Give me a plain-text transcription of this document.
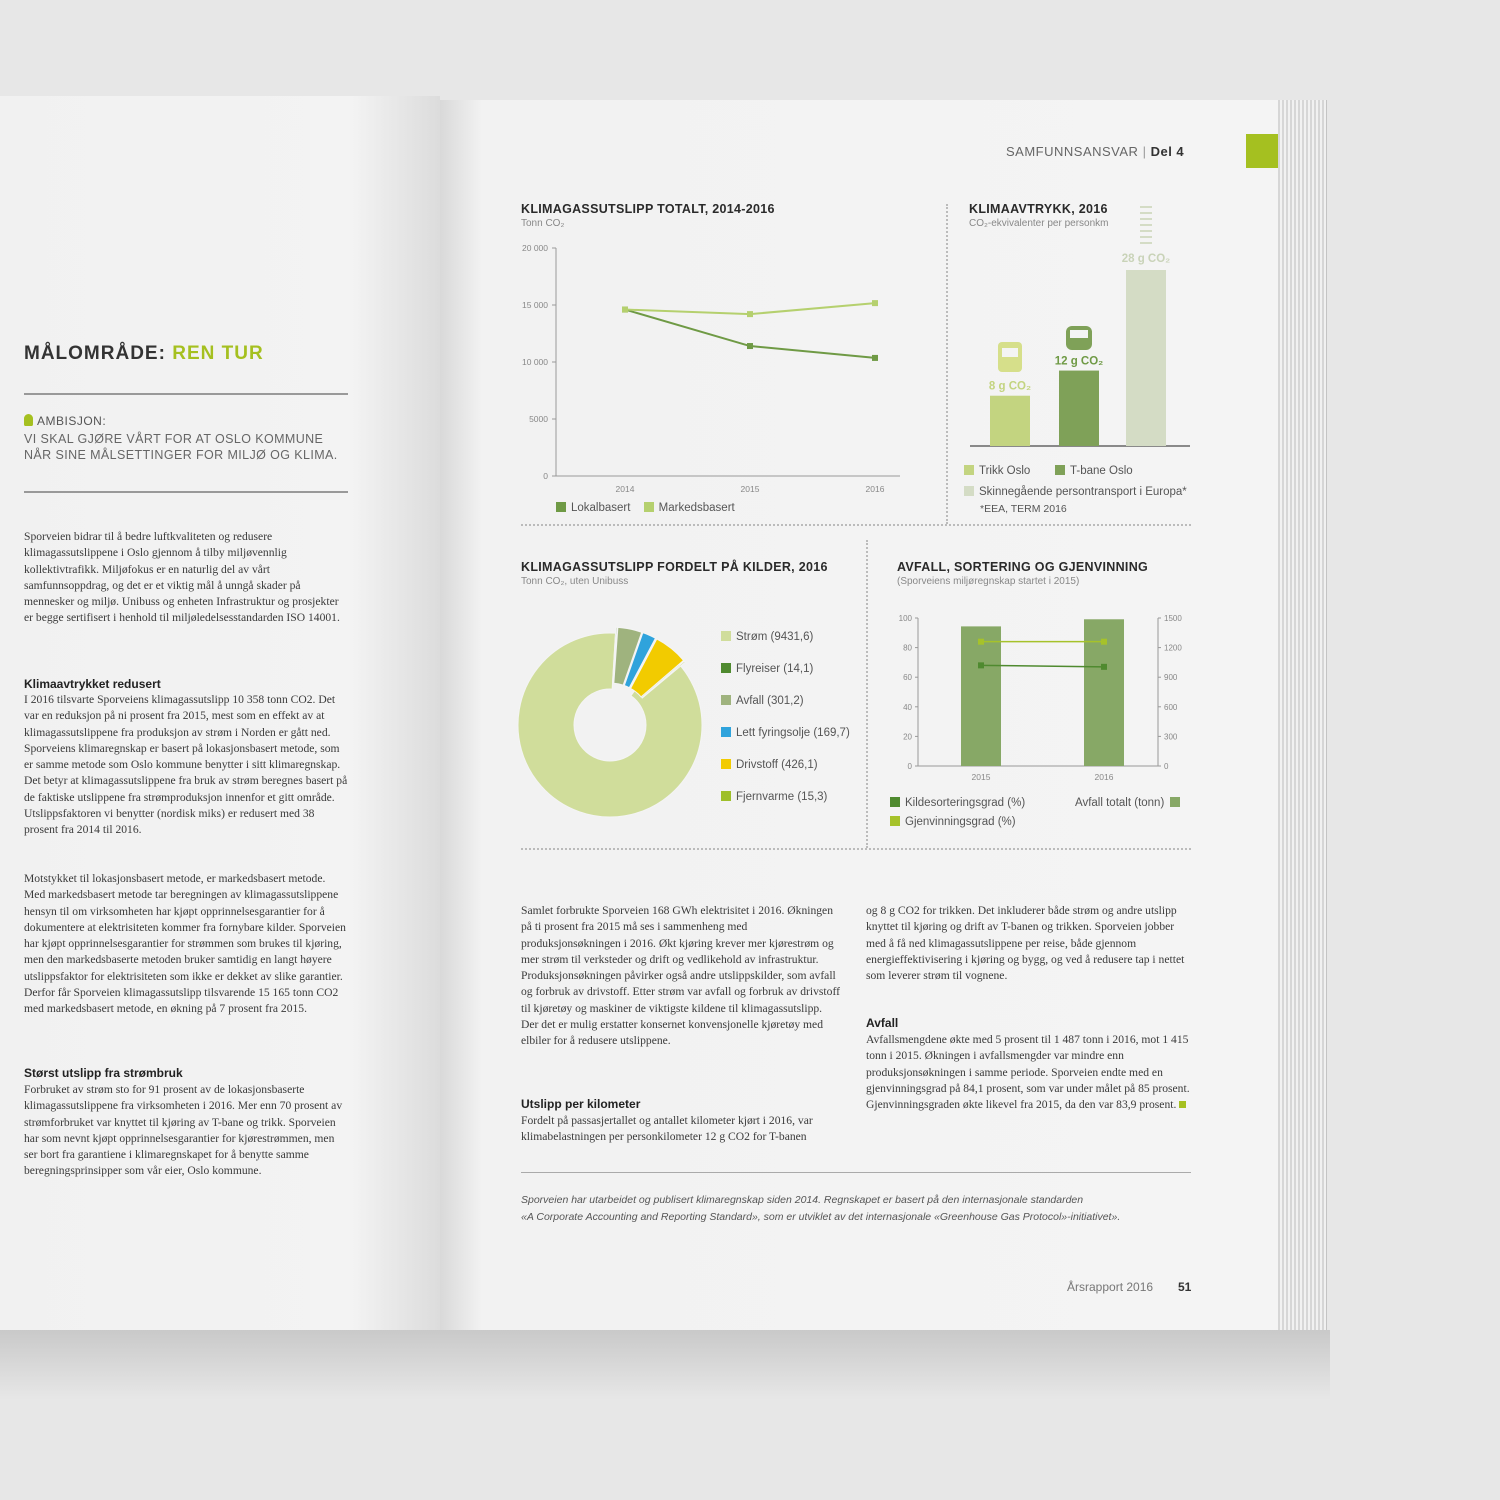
MÅLOMRÅDE: REN TUR
AMBISJON:
VI SKAL GJØRE VÅRT FOR AT OSLO KOMMUNE NÅR SINE MÅLSETTINGER FOR MILJØ OG KLIMA.
Sporveien bidrar til å bedre luftkvaliteten og redusere klimagassutslippene i Oslo gjennom å tilby miljøvennlig kollektivtrafikk. Miljøfokus er en naturlig del av vårt samfunnsoppdrag, og det er et viktig mål å unngå skader på mennesker og miljø. Unibuss og enheten Infrastruktur og prosjekter er begge sertifisert i henhold til miljøledelsesstandarden ISO 14001.
Klimaavtrykket redusert
I 2016 tilsvarte Sporveiens klimagassutslipp 10 358 tonn CO2. Det var en reduksjon på ni prosent fra 2015, mest som en effekt av at klimagassutslippene fra produksjon av strøm i Norden er gått ned. Sporveiens klimaregnskap er basert på lokasjonsbasert metode, som er samme metode som Oslo kommune benytter i sitt klimaregnskap. Det betyr at klimagassutslippene fra bruk av strøm beregnes basert på de faktiske utslippene fra strømproduksjon innenfor et gitt område. Utslippsfaktoren vi benytter (nordisk miks) er redusert med 38 prosent fra 2014 til 2016.
Motstykket til lokasjonsbasert metode, er markedsbasert metode. Med markedsbasert metode tar beregningen av klimagassutslippene hensyn til om virksomheten har kjøpt opprinnelsesgarantier for å dokumentere at elektrisiteten kommer fra fornybare kilder. Sporveien har kjøpt opprinnelsesgarantier for strømmen som brukes til kjøring, men den markedsbaserte metoden bruker samtidig en langt høyere utslippsfaktor for elektrisiteten som ikke er dekket av slike garantier. Derfor får Sporveien klimagassutslipp tilsvarende 15 165 tonn CO2 med markedsbasert metode, en økning på 7 prosent fra 2015.
Størst utslipp fra strømbruk
Forbruket av strøm sto for 91 prosent av de lokasjonsbaserte klimagassutslippene fra virksomheten i 2016. Mer enn 70 prosent av strømforbruket var knyttet til kjøring av T-bane og trikk. Sporveien har som nevnt kjøpt opprinnelsesgarantier for kjørestrømmen, men ser bort fra garantiene i klimaregnskapet for å benytte samme beregningsprinsipper som vår eier, Oslo kommune.
SAMFUNNSANSVAR | Del 4
KLIMAGASSUTSLIPP TOTALT, 2014-2016
Tonn CO₂
20 000
15 000
10 000
5000
0
2014	2015	2016
Lokalbasert Markedsbasert
KLIMAAVTRYKK, 2016
CO₂-ekvivalenter per personkm
8 g CO₂
12 g CO₂
28 g CO₂
Trikk Oslo	T-bane Oslo
Skinnegående persontransport i Europa*
*EEA, TERM 2016
KLIMAGASSUTSLIPP FORDELT PÅ KILDER, 2016
Tonn CO₂, uten Unibuss
Strøm (9431,6)
Flyreiser (14,1)
Avfall (301,2)
Lett fyringsolje (169,7)
Drivstoff (426,1)
Fjernvarme (15,3)
AVFALL, SORTERING OG GJENVINNING
(Sporveiens miljøregnskap startet i 2015)
100
80
60
40
20
0
1500
1200
900
600
300
0
2015	2016
Kildesorteringsgrad (%)	Avfall totalt (tonn)
Gjenvinningsgrad (%)
Samlet forbrukte Sporveien 168 GWh elektrisitet i 2016. Økningen på ti prosent fra 2015 må ses i sammenheng med produksjonsøkningen i 2016. Økt kjøring krever mer kjørestrøm og mer strøm til verksteder og drift og vedlikehold av infrastruktur. Produksjonsøkningen påvirker også andre utslippskilder, som avfall og forbruk av drivstoff. Etter strøm var avfall og forbruk av drivstoff til kjøretøy og maskiner de viktigste kildene til klimagassutslipp. Der det er mulig erstatter konsernet konvensjonelle kjøretøy med elbiler for å redusere utslippene.
Utslipp per kilometer
Fordelt på passasjertallet og antallet kilometer kjørt i 2016, var klimabelastningen per personkilometer 12 g CO2 for T-banen
og 8 g CO2 for trikken. Det inkluderer både strøm og andre utslipp knyttet til kjøring og drift av T-banen og trikken. Sporveien jobber med å få ned klimagassutslippene per reise, både gjennom energieffektivisering i kjøring og bygg, og ved å redusere tap i nettet som leverer strøm til vognene.
Avfall
Avfallsmengdene økte med 5 prosent til 1 487 tonn i 2016, mot 1 415 tonn i 2015. Økningen i avfallsmengder var mindre enn produksjonsøkningen i samme periode. Sporveien endte med en gjenvinningsgrad på 84,1 prosent, som var under målet på 85 prosent. Gjenvinningsgraden økte likevel fra 2015, da den var 83,9 prosent.
Sporveien har utarbeidet og publisert klimaregnskap siden 2014. Regnskapet er basert på den internasjonale standarden
«A Corporate Accounting and Reporting Standard», som er utviklet av det internasjonale «Greenhouse Gas Protocol»-initiativet».
Årsrapport 2016 51
